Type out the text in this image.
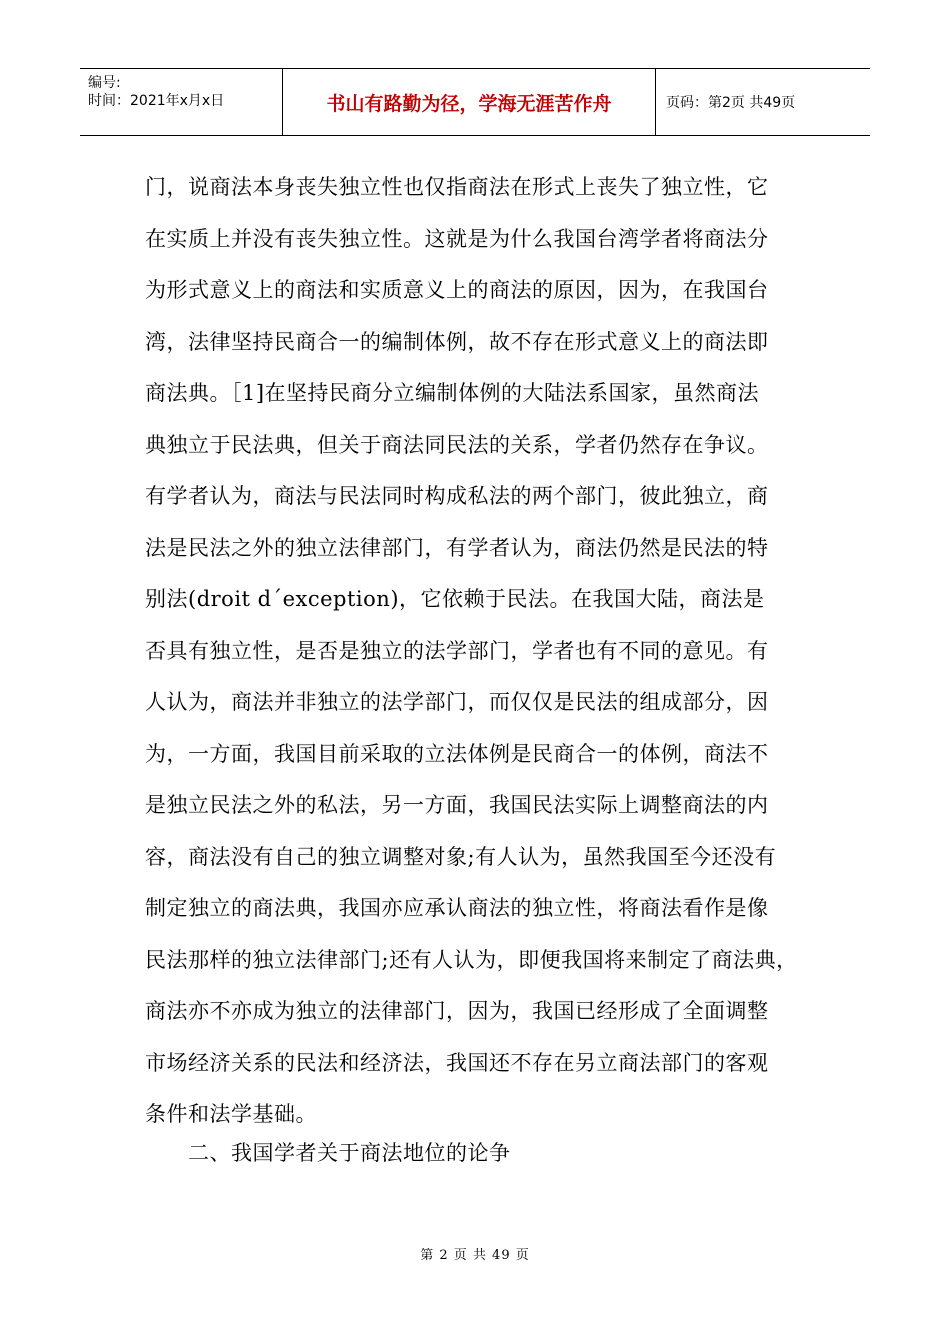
编号:
时间：2021年x月x日	书山有路勤为径，学海无涯苦作舟	页码：第2页 共49页
门，说商法本身丧失独立性也仅指商法在形式上丧失了独立性，它
在实质上并没有丧失独立性。这就是为什么我国台湾学者将商法分
为形式意义上的商法和实质意义上的商法的原因，因为，在我国台
湾，法律坚持民商合一的编制体例，故不存在形式意义上的商法即
商法典。［1]在坚持民商分立编制体例的大陆法系国家，虽然商法
典独立于民法典，但关于商法同民法的关系，学者仍然存在争议。
有学者认为，商法与民法同时构成私法的两个部门，彼此独立，商
法是民法之外的独立法律部门，有学者认为，商法仍然是民法的特
别法(droit d´exception)，它依赖于民法。在我国大陆，商法是
否具有独立性，是否是独立的法学部门，学者也有不同的意见。有
人认为，商法并非独立的法学部门，而仅仅是民法的组成部分，因
为，一方面，我国目前采取的立法体例是民商合一的体例，商法不
是独立民法之外的私法，另一方面，我国民法实际上调整商法的内
容，商法没有自己的独立调整对象;有人认为，虽然我国至今还没有
制定独立的商法典，我国亦应承认商法的独立性，将商法看作是像
民法那样的独立法律部门;还有人认为，即便我国将来制定了商法典，
商法亦不亦成为独立的法律部门，因为，我国已经形成了全面调整
市场经济关系的民法和经济法，我国还不存在另立商法部门的客观
条件和法学基础。
二、我国学者关于商法地位的论争
第 2 页 共 49 页
